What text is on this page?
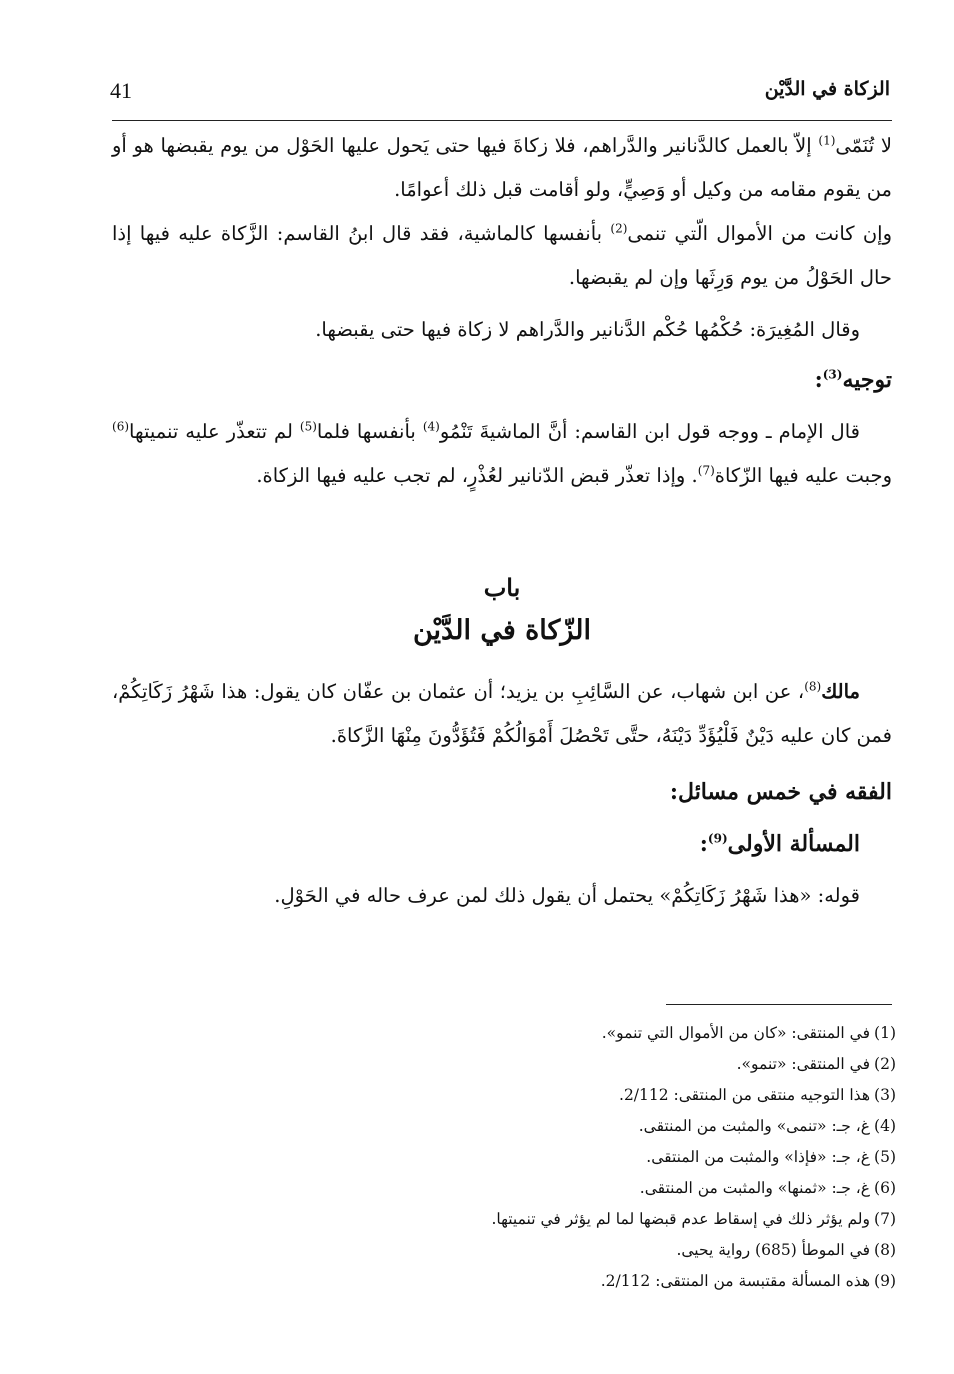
الزكاة في الدَّيْن
41

لا تُنَمّى$^{(1)}$ إلاّ بالعمل كالدَّنانير والدَّراهم، فلا زكاةَ فيها حتى يَحول عليها الحَوْل من يوم يقبضها هو أو من يقوم مقامه من وكيل أو وَصِيٍّ، ولو أقامت قبل ذلك أعوامًا.

وإن كانت من الأموال الّتي تنمى$^{(2)}$ بأنفسها كالماشية، فقد قال ابنُ القاسم: الزَّكاة عليه فيها إذا حال الحَوْلُ من يوم وَرِثَها وإن لم يقبضها.

وقال المُغِيرَة: حُكْمُها حُكْم الدَّنانير والدَّراهم لا زكاة فيها حتى يقبضها.

توجيه$^{(3)}$:

قال الإمام ـ ووجه قول ابن القاسم: أنَّ الماشيةَ تَنْمُو$^{(4)}$ بأنفسها فلما$^{(5)}$ لم تتعذّر عليه تنميتها$^{(6)}$ وجبت عليه فيها الزّكاة$^{(7)}$. وإذا تعذّر قبض الدّنانير لعُذْرٍ، لم تجب عليه فيها الزكاة.

باب
الزّكاة في الدَّيْن

مالك$^{(8)}$، عن ابن شهاب، عن السَّائِبِ بن يزيد؛ أن عثمان بن عفّان كان يقول: هذا شَهْرُ زَكَاتِكُمْ، فمن كان عليه دَيْنٌ فَلْيُؤَدِّ دَيْنَهُ، حتَّى تَحْصُلَ أَمْوَالُكُمْ فَتُؤَدُّونَ مِنْهَا الزَّكاةَ.

الفقه في خمس مسائل:
المسألة الأولى$^{(9)}$:

قوله: «هذا شَهْرُ زَكَاتِكُمْ» يحتمل أن يقول ذلك لمن عرف حاله في الحَوْلِ.

(1)في المنتقى: «كان من الأموال التي تنمو».
(2)في المنتقى: «تنمو».
(3)هذا التوجيه منتقى من المنتقى: 2/112.
(4)غ، جـ: «تنمى» والمثبت من المنتقى.
(5)غ، جـ: «فإذا» والمثبت من المنتقى.
(6)غ، جـ: «ثمنها» والمثبت من المنتقى.
(7)ولم يؤثر ذلك في إسقاط عدم قبضها لما لم يؤثر في تنميتها.
(8)في الموطأ (685) رواية يحيى.
(9)هذه المسألة مقتبسة من المنتقى: 2/112.
